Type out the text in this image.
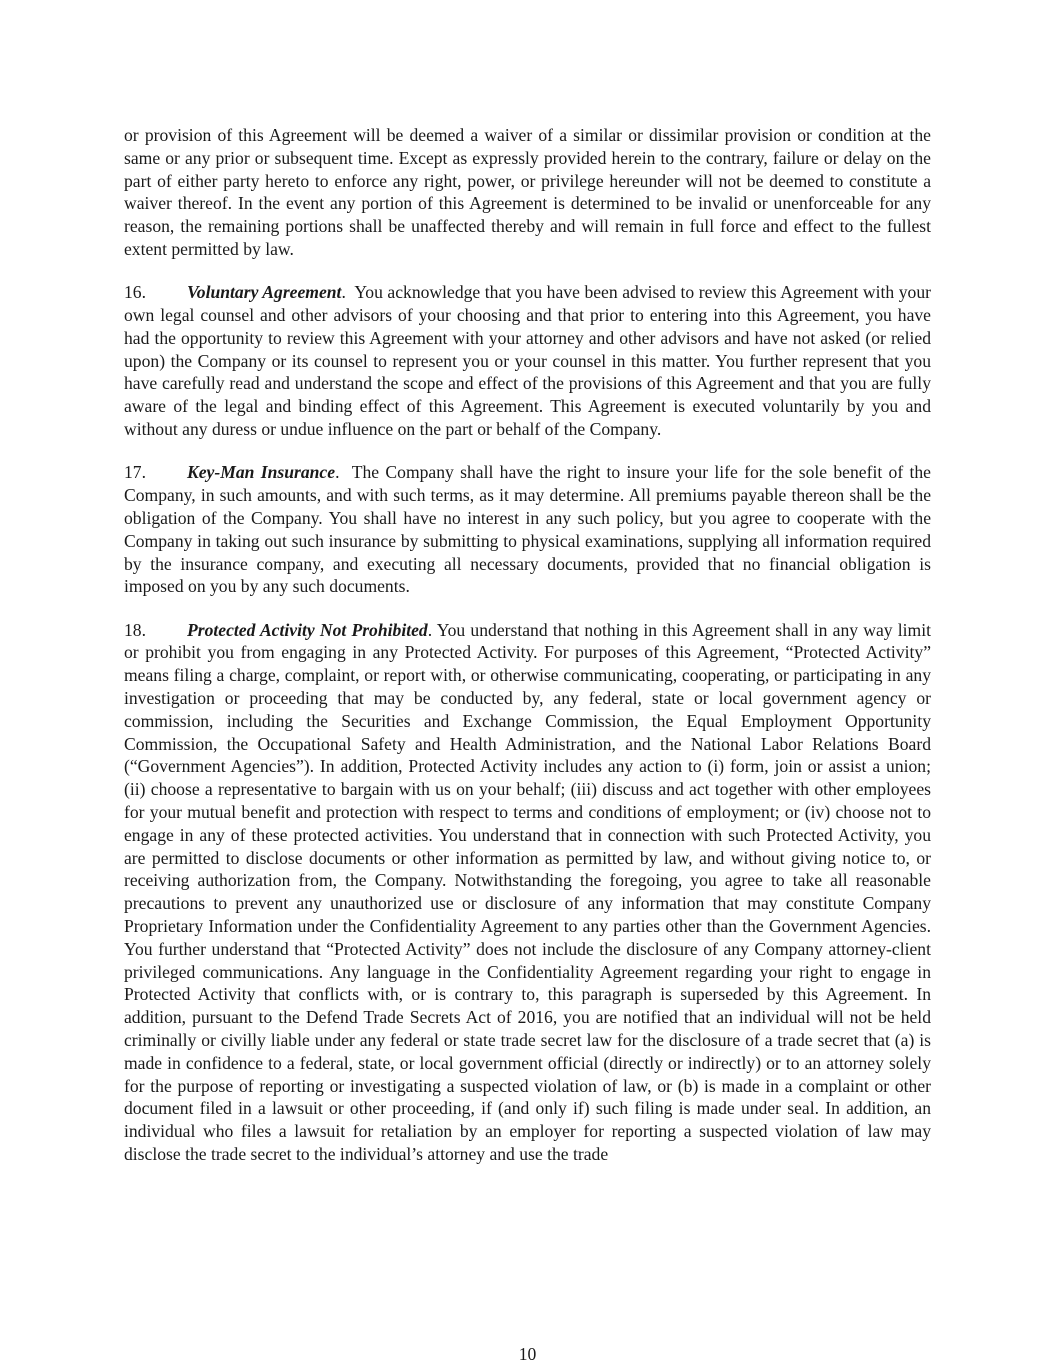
or provision of this Agreement will be deemed a waiver of a similar or dissimilar provision or condition at the same or any prior or subsequent time. Except as expressly provided herein to the contrary, failure or delay on the part of either party hereto to enforce any right, power, or privilege hereunder will not be deemed to constitute a waiver thereof. In the event any portion of this Agreement is determined to be invalid or unenforceable for any reason, the remaining portions shall be unaffected thereby and will remain in full force and effect to the fullest extent permitted by law.

16. Voluntary Agreement. You acknowledge that you have been advised to review this Agreement with your own legal counsel and other advisors of your choosing and that prior to entering into this Agreement, you have had the opportunity to review this Agreement with your attorney and other advisors and have not asked (or relied upon) the Company or its counsel to represent you or your counsel in this matter. You further represent that you have carefully read and understand the scope and effect of the provisions of this Agreement and that you are fully aware of the legal and binding effect of this Agreement. This Agreement is executed voluntarily by you and without any duress or undue influence on the part or behalf of the Company.

17. Key-Man Insurance. The Company shall have the right to insure your life for the sole benefit of the Company, in such amounts, and with such terms, as it may determine. All premiums payable thereon shall be the obligation of the Company. You shall have no interest in any such policy, but you agree to cooperate with the Company in taking out such insurance by submitting to physical examinations, supplying all information required by the insurance company, and executing all necessary documents, provided that no financial obligation is imposed on you by any such documents.

18. Protected Activity Not Prohibited. You understand that nothing in this Agreement shall in any way limit or prohibit you from engaging in any Protected Activity. For purposes of this Agreement, “Protected Activity” means filing a charge, complaint, or report with, or otherwise communicating, cooperating, or participating in any investigation or proceeding that may be conducted by, any federal, state or local government agency or commission, including the Securities and Exchange Commission, the Equal Employment Opportunity Commission, the Occupational Safety and Health Administration, and the National Labor Relations Board (“Government Agencies”). In addition, Protected Activity includes any action to (i) form, join or assist a union; (ii) choose a representative to bargain with us on your behalf; (iii) discuss and act together with other employees for your mutual benefit and protection with respect to terms and conditions of employment; or (iv) choose not to engage in any of these protected activities. You understand that in connection with such Protected Activity, you are permitted to disclose documents or other information as permitted by law, and without giving notice to, or receiving authorization from, the Company. Notwithstanding the foregoing, you agree to take all reasonable precautions to prevent any unauthorized use or disclosure of any information that may constitute Company Proprietary Information under the Confidentiality Agreement to any parties other than the Government Agencies. You further understand that “Protected Activity” does not include the disclosure of any Company attorney-client privileged communications. Any language in the Confidentiality Agreement regarding your right to engage in Protected Activity that conflicts with, or is contrary to, this paragraph is superseded by this Agreement. In addition, pursuant to the Defend Trade Secrets Act of 2016, you are notified that an individual will not be held criminally or civilly liable under any federal or state trade secret law for the disclosure of a trade secret that (a) is made in confidence to a federal, state, or local government official (directly or indirectly) or to an attorney solely for the purpose of reporting or investigating a suspected violation of law, or (b) is made in a complaint or other document filed in a lawsuit or other proceeding, if (and only if) such filing is made under seal. In addition, an individual who files a lawsuit for retaliation by an employer for reporting a suspected violation of law may disclose the trade secret to the individual’s attorney and use the trade

10
